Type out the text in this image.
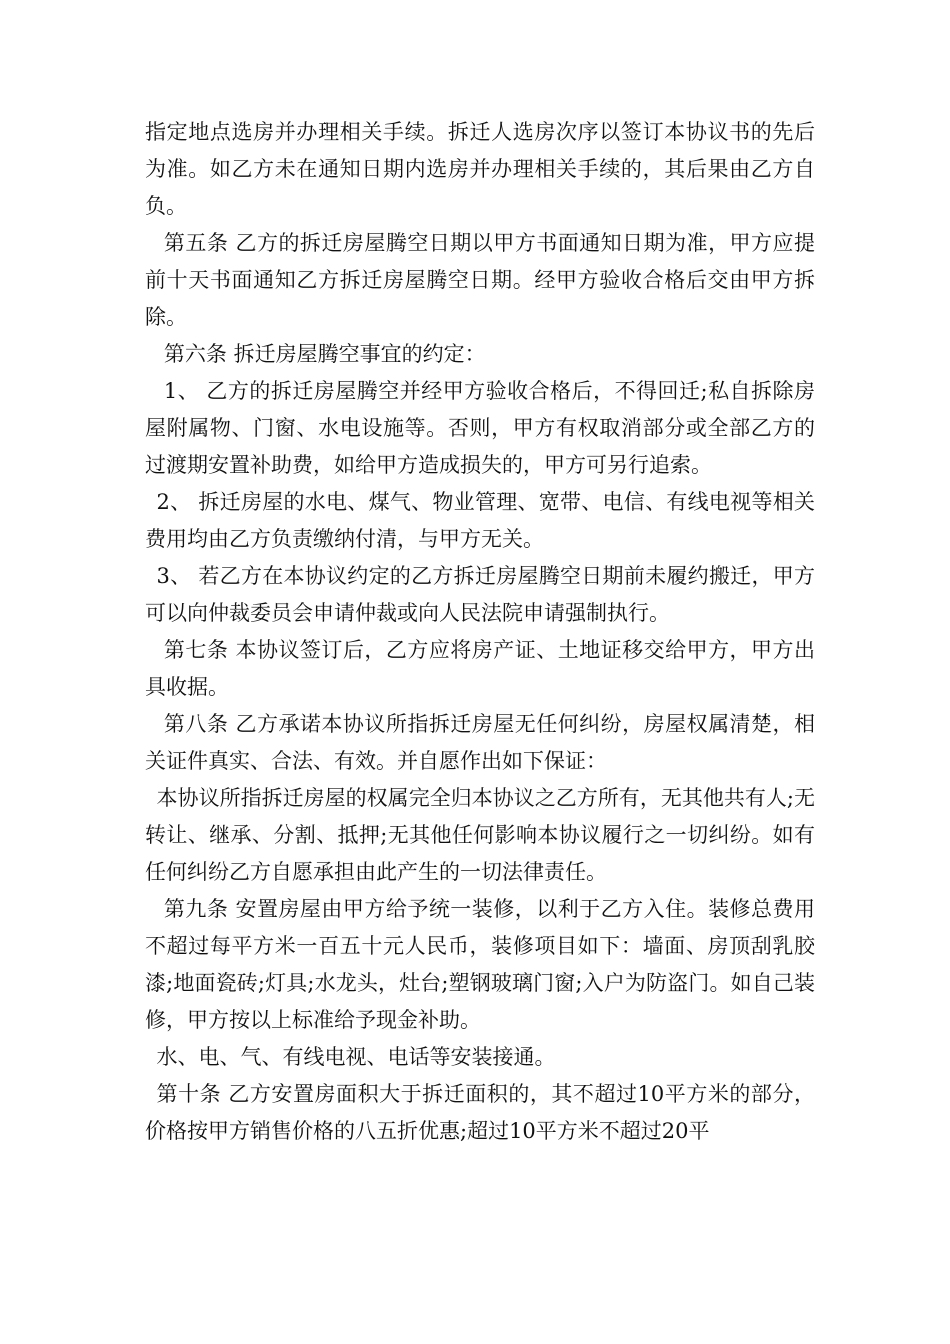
指定地点选房并办理相关手续。拆迁人选房次序以签订本协议书的先后为准。如乙方未在通知日期内选房并办理相关手续的，其后果由乙方自负。

第五条 乙方的拆迁房屋腾空日期以甲方书面通知日期为准，甲方应提前十天书面通知乙方拆迁房屋腾空日期。经甲方验收合格后交由甲方拆除。

第六条 拆迁房屋腾空事宜的约定：

1、 乙方的拆迁房屋腾空并经甲方验收合格后，不得回迁;私自拆除房屋附属物、门窗、水电设施等。否则，甲方有权取消部分或全部乙方的过渡期安置补助费，如给甲方造成损失的，甲方可另行追索。

2、 拆迁房屋的水电、煤气、物业管理、宽带、电信、有线电视等相关费用均由乙方负责缴纳付清，与甲方无关。

3、 若乙方在本协议约定的乙方拆迁房屋腾空日期前未履约搬迁，甲方可以向仲裁委员会申请仲裁或向人民法院申请强制执行。

第七条 本协议签订后，乙方应将房产证、土地证移交给甲方，甲方出具收据。

第八条 乙方承诺本协议所指拆迁房屋无任何纠纷，房屋权属清楚，相关证件真实、合法、有效。并自愿作出如下保证：

本协议所指拆迁房屋的权属完全归本协议之乙方所有，无其他共有人;无转让、继承、分割、抵押;无其他任何影响本协议履行之一切纠纷。如有任何纠纷乙方自愿承担由此产生的一切法律责任。

第九条 安置房屋由甲方给予统一装修，以利于乙方入住。装修总费用不超过每平方米一百五十元人民币，装修项目如下：墙面、房顶刮乳胶漆;地面瓷砖;灯具;水龙头，灶台;塑钢玻璃门窗;入户为防盗门。如自己装修，甲方按以上标准给予现金补助。

水、电、气、有线电视、电话等安装接通。

第十条 乙方安置房面积大于拆迁面积的，其不超过10平方米的部分，价格按甲方销售价格的八五折优惠;超过10平方米不超过20平
